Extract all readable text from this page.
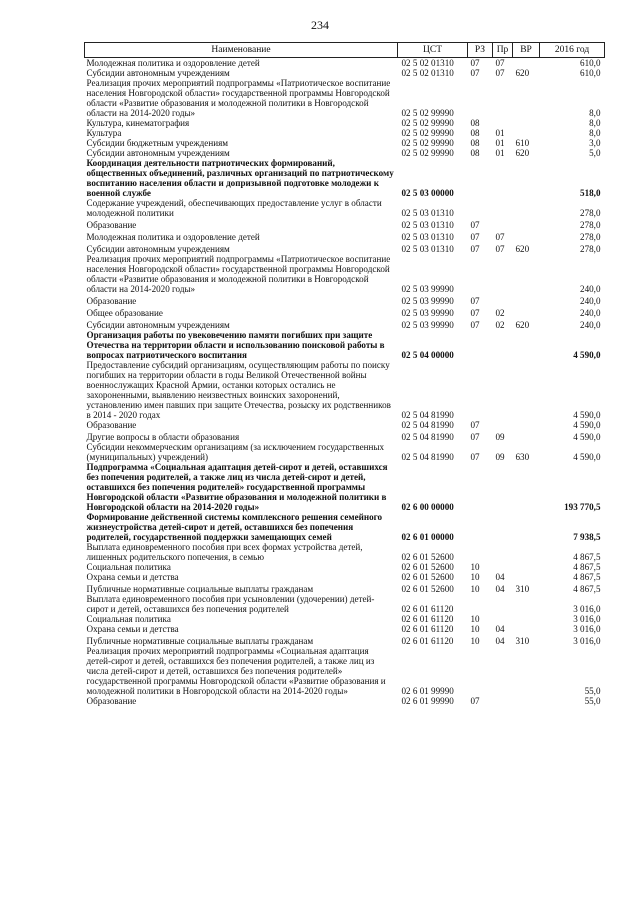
234
Наименование	ЦСТ	РЗ	Пр	ВР	2016 год
Молодежная политика и оздоровление детей	02 5 02 01310	07	07		610,0
Субсидии автономным учреждениям	02 5 02 01310	07	07	620	610,0
Реализация прочих мероприятий подпрограммы «Патриотическое воспитание населения Новгородской области» государственной программы Новгородской области «Развитие образования и молодежной политики в Новгородской области на 2014-2020 годы»	02 5 02 99990				8,0
Культура, кинематография	02 5 02 99990	08			8,0
Культура	02 5 02 99990	08	01		8,0
Субсидии бюджетным учреждениям	02 5 02 99990	08	01	610	3,0
Субсидии автономным учреждениям	02 5 02 99990	08	01	620	5,0
Координация деятельности патриотических формирований, общественных объединений, различных организаций по патриотическому воспитанию населения области и допризывной подготовке молодежи к военной службе	02 5 03 00000				518,0
Содержание учреждений, обеспечивающих предоставление услуг в области молодежной политики	02 5 03 01310				278,0
Образование	02 5 03 01310	07			278,0
Молодежная политика и оздоровление детей	02 5 03 01310	07	07		278,0
Субсидии автономным учреждениям	02 5 03 01310	07	07	620	278,0
Реализация прочих мероприятий подпрограммы «Патриотическое воспитание населения Новгородской области» государственной программы Новгородской области «Развитие образования и молодежной политики в Новгородской области на 2014-2020 годы»	02 5 03 99990				240,0
Образование	02 5 03 99990	07			240,0
Общее образование	02 5 03 99990	07	02		240,0
Субсидии автономным учреждениям	02 5 03 99990	07	02	620	240,0
Организация работы по увековечению памяти погибших при защите Отечества на территории области и использованию поисковой работы в вопросах патриотического воспитания	02 5 04 00000				4 590,0
Предоставление субсидий организациям, осуществляющим работы по поиску погибших на территории области в годы Великой Отечественной войны военнослужащих Красной Армии, останки которых остались не захороненными, выявлению неизвестных воинских захоронений, установлению имен павших при защите Отечества, розыску их родственников в 2014 - 2020 годах	02 5 04 81990				4 590,0
Образование	02 5 04 81990	07			4 590,0
Другие вопросы в области образования	02 5 04 81990	07	09		4 590,0
Субсидии некоммерческим организациям (за исключением государственных (муниципальных) учреждений)	02 5 04 81990	07	09	630	4 590,0
Подпрограмма «Социальная адаптация детей-сирот и детей, оставшихся без попечения родителей, а также лиц из числа детей-сирот и детей, оставшихся без попечения родителей» государственной программы Новгородской области «Развитие образования и молодежной политики в Новгородской области на 2014-2020 годы»	02 6 00 00000				193 770,5
Формирование действенной системы комплексного решения семейного жизнеустройства детей-сирот и детей, оставшихся без попечения родителей, государственной поддержки замещающих семей	02 6 01 00000				7 938,5
Выплата единовременного пособия при всех формах устройства детей, лишенных родительского попечения, в семью	02 6 01 52600				4 867,5
Социальная политика	02 6 01 52600	10			4 867,5
Охрана семьи и детства	02 6 01 52600	10	04		4 867,5
Публичные нормативные социальные выплаты гражданам	02 6 01 52600	10	04	310	4 867,5
Выплата единовременного пособия при усыновлении (удочерении) детей-сирот и детей, оставшихся без попечения родителей	02 6 01 61120				3 016,0
Социальная политика	02 6 01 61120	10			3 016,0
Охрана семьи и детства	02 6 01 61120	10	04		3 016,0
Публичные нормативные социальные выплаты гражданам	02 6 01 61120	10	04	310	3 016,0
Реализация прочих мероприятий подпрограммы «Социальная адаптация детей-сирот и детей, оставшихся без попечения родителей, а также лиц из числа детей-сирот и детей, оставшихся без попечения родителей» государственной программы Новгородской области «Развитие образования и молодежной политики в Новгородской области на 2014-2020 годы»	02 6 01 99990				55,0
Образование	02 6 01 99990	07			55,0
